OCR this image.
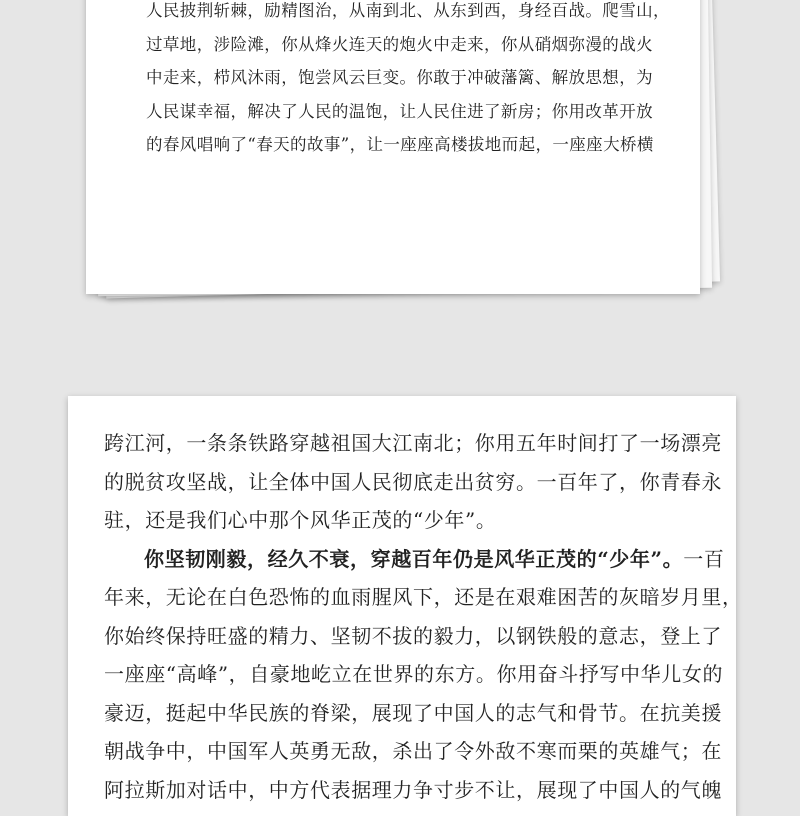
人民披荆斩棘，励精图治，从南到北、从东到西，身经百战。爬雪山，
过草地，涉险滩，你从烽火连天的炮火中走来，你从硝烟弥漫的战火
中走来，栉风沐雨，饱尝风云巨变。你敢于冲破藩篱、解放思想，为
人民谋幸福，解决了人民的温饱，让人民住进了新房；你用改革开放
的春风唱响了“春天的故事”，让一座座高楼拔地而起，一座座大桥横
跨江河，一条条铁路穿越祖国大江南北；你用五年时间打了一场漂亮
的脱贫攻坚战，让全体中国人民彻底走出贫穷。一百年了，你青春永
驻，还是我们心中那个风华正茂的“少年”。
你坚韧刚毅，经久不衰，穿越百年仍是风华正茂的“少年”。一百
年来，无论在白色恐怖的血雨腥风下，还是在艰难困苦的灰暗岁月里，
你始终保持旺盛的精力、坚韧不拔的毅力，以钢铁般的意志，登上了
一座座“高峰”，自豪地屹立在世界的东方。你用奋斗抒写中华儿女的
豪迈，挺起中华民族的脊梁，展现了中国人的志气和骨节。在抗美援
朝战争中，中国军人英勇无敌，杀出了令外敌不寒而栗的英雄气；在
阿拉斯加对话中，中方代表据理力争寸步不让，展现了中国人的气魄
